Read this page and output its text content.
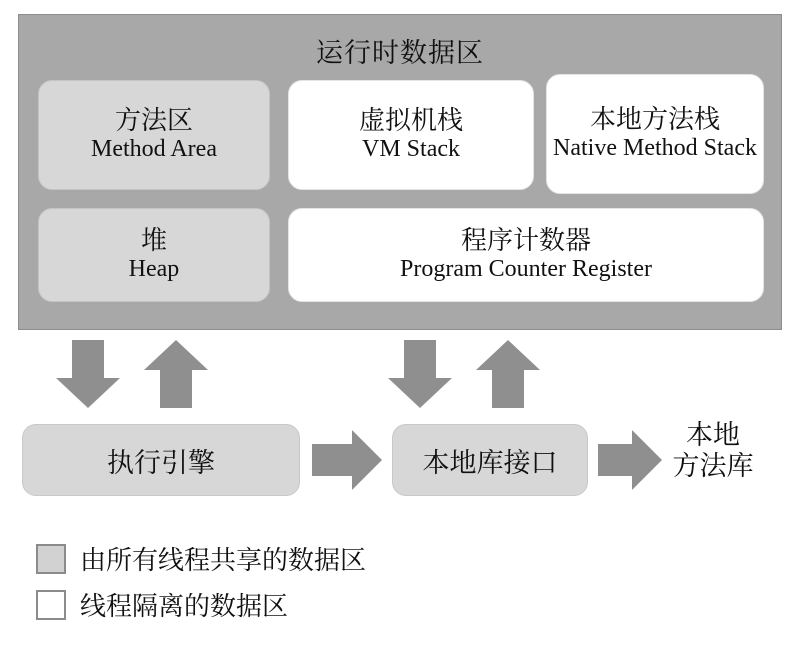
运行时数据区
方法区
Method Area
虚拟机栈
VM Stack
本地方法栈
Native Method Stack
堆
Heap
程序计数器
Program Counter Register
执行引擎	本地库接口
本地
方法库
由所有线程共享的数据区
线程隔离的数据区
